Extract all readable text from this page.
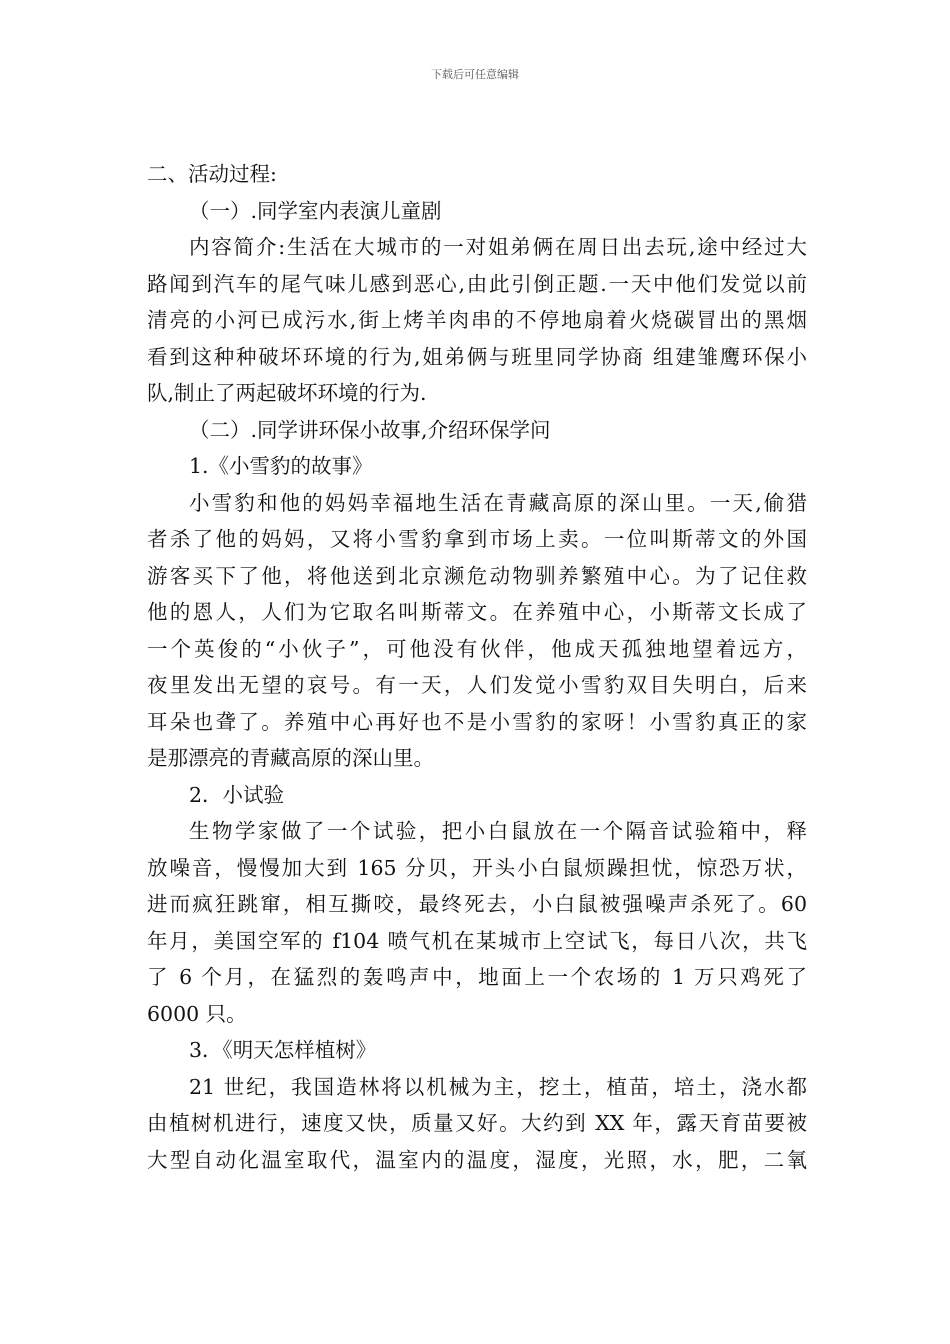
下载后可任意编辑
二、活动过程:
（一）.同学室内表演儿童剧
内容简介:生活在大城市的一对姐弟俩在周日出去玩,途中经过大
路闻到汽车的尾气味儿感到恶心,由此引倒正题.一天中他们发觉以前
清亮的小河已成污水,街上烤羊肉串的不停地扇着火烧碳冒出的黑烟
看到这种种破坏环境的行为,姐弟俩与班里同学协商 组建雏鹰环保小
队,制止了两起破坏环境的行为.
（二）.同学讲环保小故事,介绍环保学问
1.《小雪豹的故事》
小雪豹和他的妈妈幸福地生活在青藏高原的深山里。一天,偷猎
者杀了他的妈妈，又将小雪豹拿到市场上卖。一位叫斯蒂文的外国
游客买下了他，将他送到北京濒危动物驯养繁殖中心。为了记住救
他的恩人，人们为它取名叫斯蒂文。在养殖中心，小斯蒂文长成了
一个英俊的“小伙子”，可他没有伙伴，他成天孤独地望着远方，
夜里发出无望的哀号。有一天，人们发觉小雪豹双目失明白，后来
耳朵也聋了。养殖中心再好也不是小雪豹的家呀！小雪豹真正的家
是那漂亮的青藏高原的深山里。
2．小试验
生物学家做了一个试验，把小白鼠放在一个隔音试验箱中，释
放噪音，慢慢加大到 165 分贝，开头小白鼠烦躁担忧，惊恐万状，
进而疯狂跳窜，相互撕咬，最终死去，小白鼠被强噪声杀死了。60
年月，美国空军的 f104 喷气机在某城市上空试飞，每日八次，共飞
了 6 个月，在猛烈的轰鸣声中，地面上一个农场的 1 万只鸡死了
6000 只。
3．《明天怎样植树》
21 世纪，我国造林将以机械为主，挖土，植苗，培土，浇水都
由植树机进行，速度又快，质量又好。大约到 XX 年，露天育苗要被
大型自动化温室取代，温室内的温度，湿度，光照，水，肥，二氧
